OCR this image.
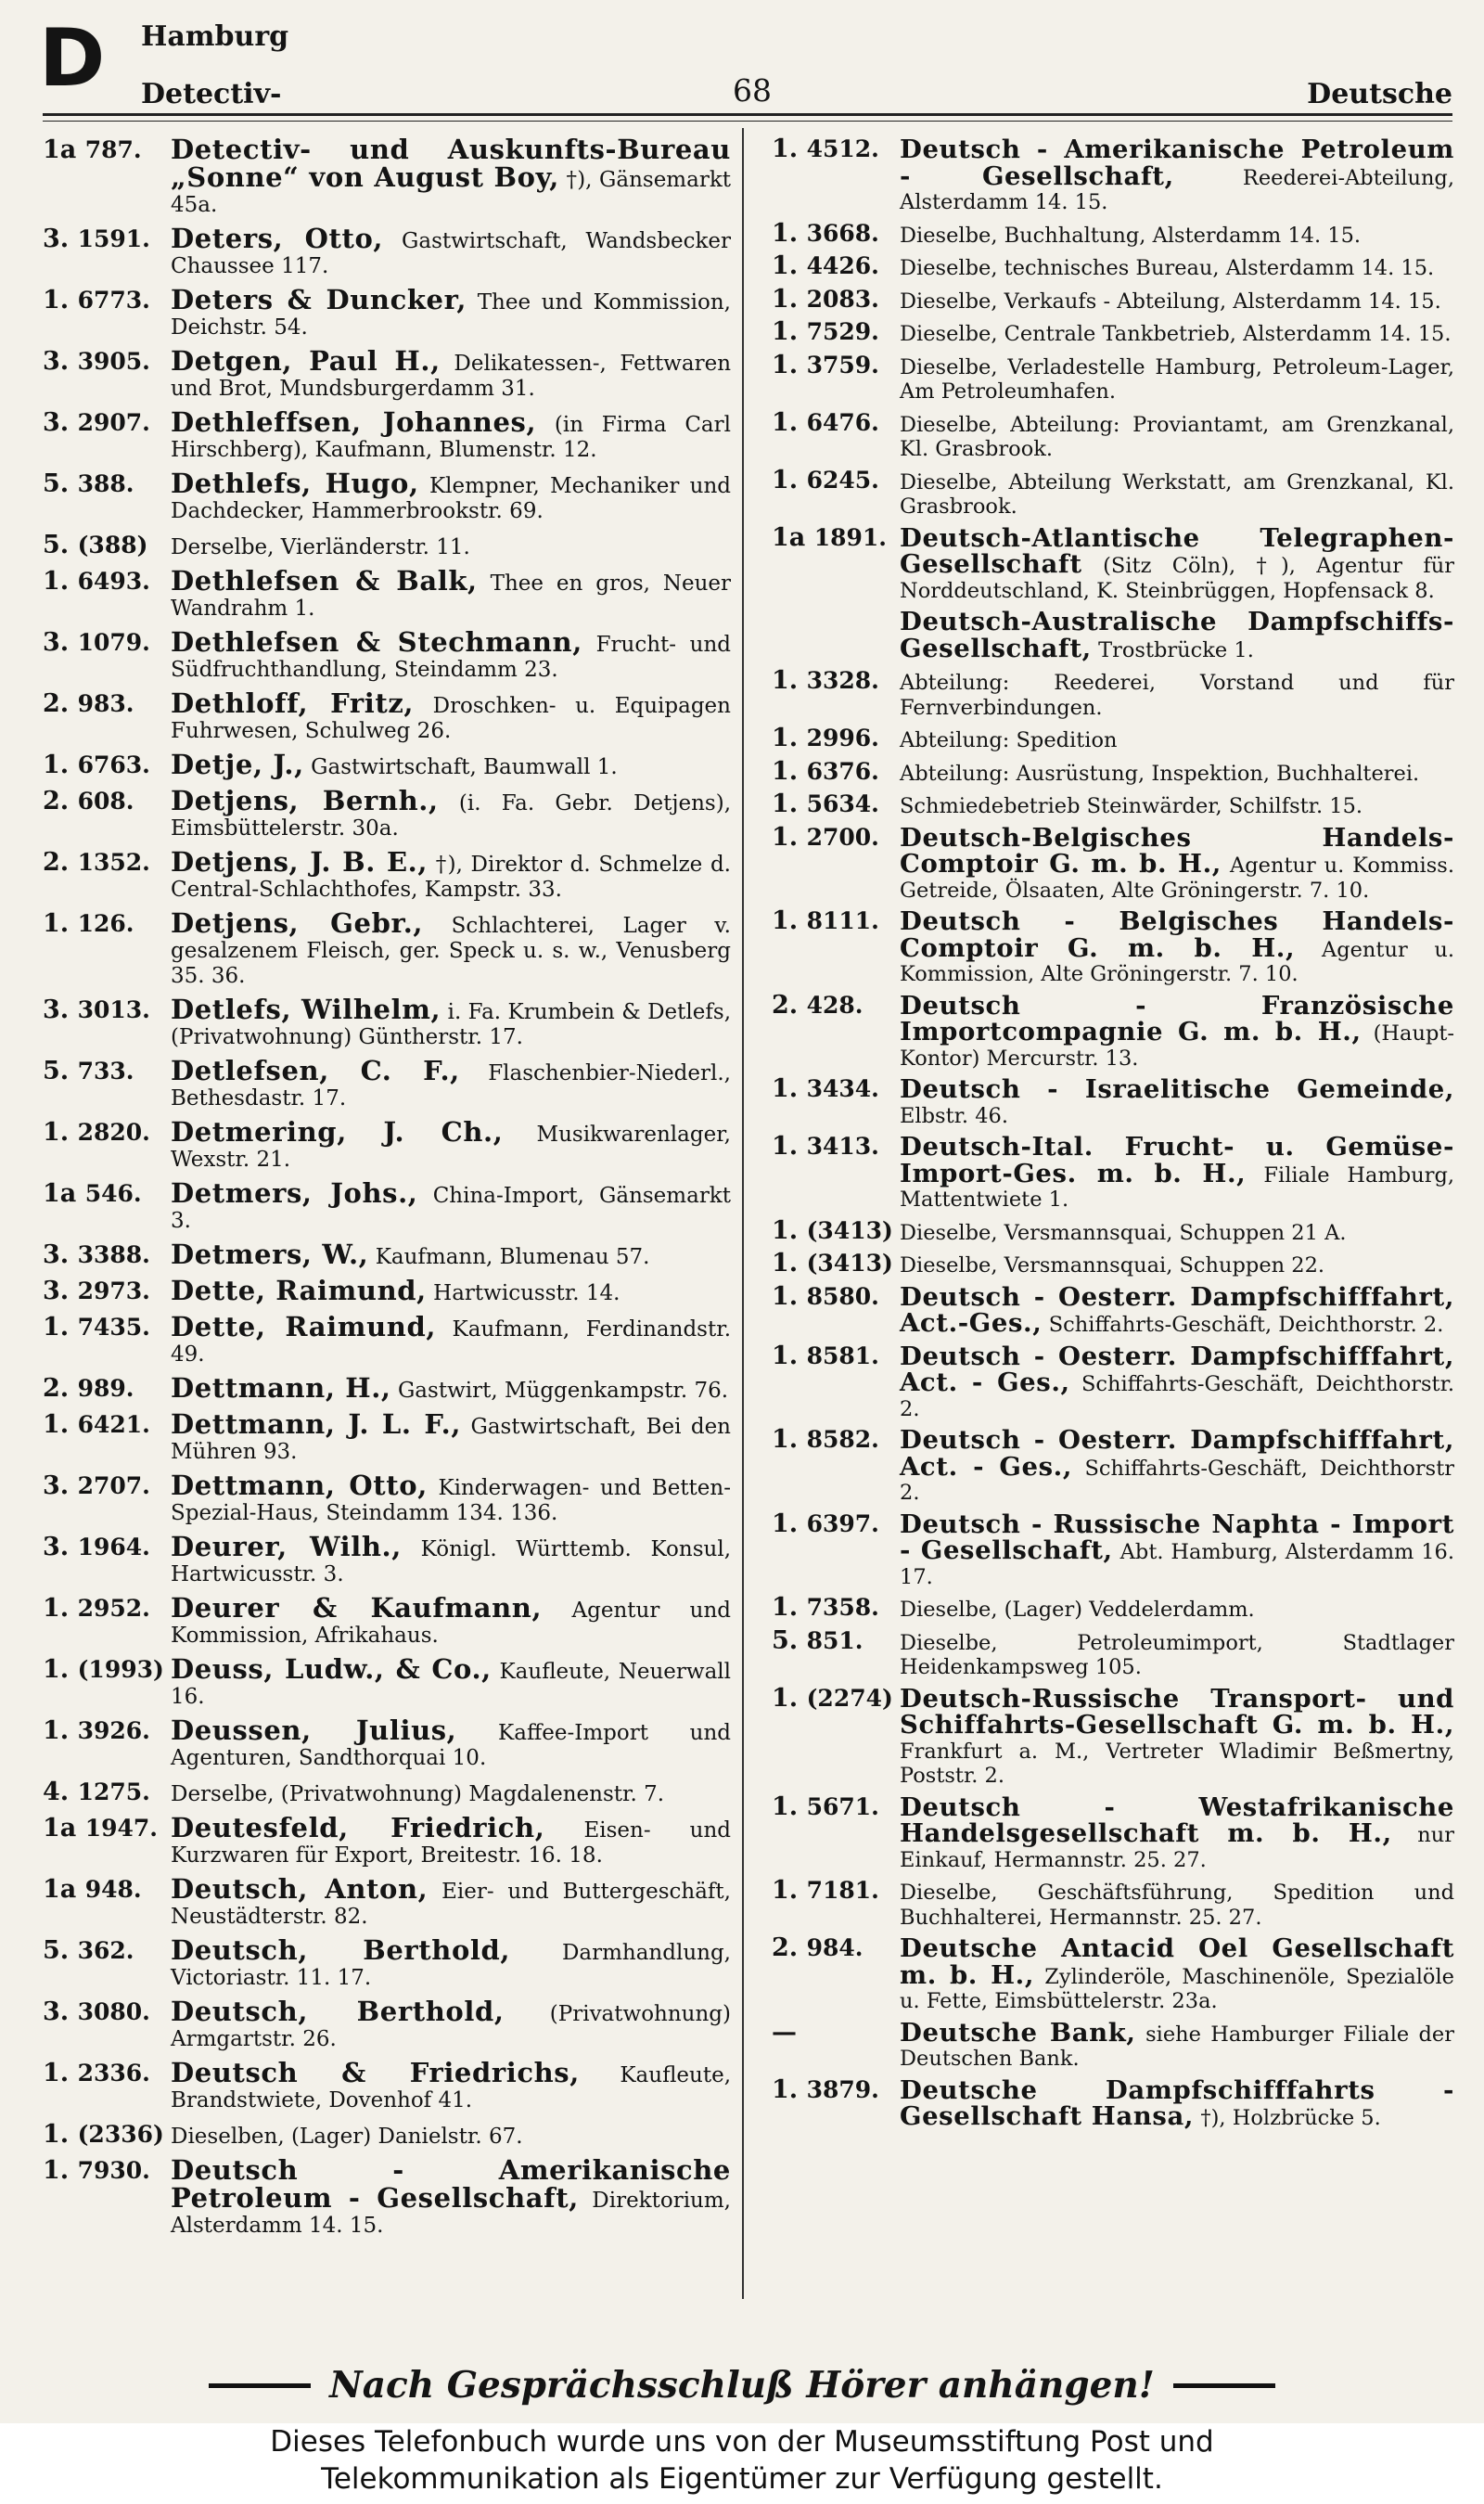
D Hamburg
Detectiv-	68	Deutsche
1a 787.	Detectiv- und Auskunfts-Bureau „Sonne“ von August Boy, †), Gänsemarkt 45a.
3. 1591. Deters, Otto, Gastwirtschaft, Wandsbecker Chaussee 117.
1. 6773. Deters & Duncker, Thee und Kommission, Deichstr. 54.
3. 3905. Detgen, Paul H., Delikatessen-, Fettwaren und Brot, Mundsburgerdamm 31.
3. 2907. Dethleffsen, Johannes, (in Firma Carl Hirschberg), Kaufmann, Blumenstr. 12.
5. 388.	Dethlefs, Hugo, Klempner, Mechaniker und Dachdecker, Hammerbrookstr. 69.
5. (388)	Derselbe, Vierländerstr. 11.
1. 6493. Dethlefsen & Balk, Thee en gros, Neuer Wandrahm 1.
3. 1079. Dethlefsen & Stechmann, Frucht- und Südfruchthandlung, Steindamm 23.
2. 983.	Dethloff, Fritz, Droschken- u. Equipagen Fuhrwesen, Schulweg 26.
1. 6763. Detje, J., Gastwirtschaft, Baumwall 1.
2. 608.	Detjens, Bernh., (i. Fa. Gebr. Detjens), Eimsbüttelerstr. 30a.
2. 1352. Detjens, J. B. E., †), Direktor d. Schmelze d. Central-Schlachthofes, Kampstr. 33.
1. 126.	Detjens, Gebr., Schlachterei, Lager v. gesalzenem Fleisch, ger. Speck u. s. w., Venusberg 35. 36.
3. 3013. Detlefs, Wilhelm, i. Fa. Krumbein & Detlefs, (Privatwohnung) Güntherstr. 17.
5. 733.	Detlefsen, C. F., Flaschenbier-Niederl., Bethesdastr. 17.
1. 2820. Detmering, J. Ch., Musikwarenlager, Wexstr. 21.
1a 546.	Detmers, Johs., China-Import, Gänsemarkt 3.
3. 3388. Detmers, W., Kaufmann, Blumenau 57.
3. 2973. Dette, Raimund, Hartwicusstr. 14.
1. 7435. Dette, Raimund, Kaufmann, Ferdinandstr. 49.
2. 989.	Dettmann, H., Gastwirt, Müggenkampstr. 76.
1. 6421. Dettmann, J. L. F., Gastwirtschaft, Bei den Mühren 93.
3. 2707. Dettmann, Otto, Kinderwagen- und Betten-Spezial-Haus, Steindamm 134. 136.
3. 1964. Deurer, Wilh., Königl. Württemb. Konsul, Hartwicusstr. 3.
1. 2952. Deurer & Kaufmann, Agentur und Kommission, Afrikahaus.
1. (1993) Deuss, Ludw., & Co., Kaufleute, Neuerwall 16.
1. 3926. Deussen, Julius, Kaffee-Import und Agenturen, Sandthorquai 10.
4. 1275. Derselbe, (Privatwohnung) Magdalenenstr. 7.
1a 1947. Deutesfeld, Friedrich, Eisen- und Kurzwaren für Export, Breitestr. 16. 18.
1a 948.	Deutsch, Anton, Eier- und Buttergeschäft, Neustädterstr. 82.
5. 362.	Deutsch, Berthold, Darmhandlung, Victoriastr. 11. 17.
3. 3080. Deutsch, Berthold, (Privatwohnung) Armgartstr. 26.
1. 2336. Deutsch & Friedrichs, Kaufleute, Brandstwiete, Dovenhof 41.
1. (2336) Dieselben, (Lager) Danielstr. 67.
1. 7930. Deutsch - Amerikanische Petroleum - Gesellschaft, Direktorium, Alsterdamm 14. 15.
1. 4512. Deutsch - Amerikanische Petroleum - Gesellschaft,	Reederei-Abteilung, Alsterdamm 14. 15.
1. 3668. Dieselbe, Buchhaltung, Alsterdamm 14. 15.
1. 4426. Dieselbe, technisches Bureau, Alsterdamm 14. 15.
1. 2083. Dieselbe, Verkaufs - Abteilung, Alsterdamm 14. 15.
1. 7529. Dieselbe, Centrale Tankbetrieb, Alsterdamm 14. 15.
1. 3759. Dieselbe, Verladestelle Hamburg, Petroleum-Lager, Am Petroleumhafen.
1. 6476. Dieselbe, Abteilung: Proviantamt, am Grenzkanal, Kl. Grasbrook.
1. 6245. Dieselbe, Abteilung Werkstatt, am Grenzkanal, Kl. Grasbrook.
1a 1891. Deutsch-Atlantische Telegraphen-Gesellschaft (Sitz Cöln), †), Agentur für Norddeutschland, K. Steinbrüggen, Hopfensack 8.
Deutsch-Australische Dampfschiffs-Gesellschaft, Trostbrücke 1.
1. 3328. Abteilung: Reederei, Vorstand und für Fernverbindungen.
1. 2996. Abteilung: Spedition
1. 6376. Abteilung: Ausrüstung, Inspektion, Buchhalterei.
1. 5634. Schmiedebetrieb Steinwärder, Schilfstr. 15.
1. 2700. Deutsch-Belgisches Handels-Comptoir G. m. b. H., Agentur u. Kommiss. Getreide, Ölsaaten, Alte Gröningerstr. 7. 10.
1. 8111. Deutsch - Belgisches Handels-Comptoir G. m. b. H., Agentur u. Kommission, Alte Gröningerstr. 7. 10.
2. 428.	Deutsch - Französische Importcompagnie G. m. b. H., (Haupt-Kontor) Mercurstr. 13.
1. 3434. Deutsch - Israelitische Gemeinde, Elbstr. 46.
1. 3413. Deutsch-Ital. Frucht- u. Gemüse-Import-Ges. m. b. H., Filiale Hamburg, Mattentwiete 1.
1. (3413) Dieselbe, Versmannsquai, Schuppen 21 A.
1. (3413) Dieselbe, Versmannsquai, Schuppen 22.
1. 8580. Deutsch - Oesterr. Dampfschifffahrt, Act.-Ges., Schiffahrts-Geschäft, Deichthorstr. 2.
1. 8581. Deutsch - Oesterr. Dampfschifffahrt, Act. - Ges., Schiffahrts-Geschäft, Deichthorstr. 2.
1. 8582. Deutsch - Oesterr. Dampfschifffahrt, Act. - Ges., Schiffahrts-Geschäft, Deichthorstr 2.
1. 6397. Deutsch - Russische Naphta - Import - Gesellschaft, Abt. Hamburg, Alsterdamm 16. 17.
1. 7358. Dieselbe, (Lager) Veddelerdamm.
5. 851.	Dieselbe, Petroleumimport, Stadtlager Heidenkampsweg 105.
1. (2274) Deutsch-Russische Transport- und Schiffahrts-Gesellschaft G. m. b. H., Frankfurt a. M., Vertreter Wladimir Beßmertny, Poststr. 2.
1. 5671. Deutsch - Westafrikanische Handelsgesellschaft m. b. H., nur Einkauf, Hermannstr. 25. 27.
1. 7181. Dieselbe, Geschäftsführung, Spedition und Buchhalterei, Hermannstr. 25. 27.
2. 984.	Deutsche Antacid Oel Gesellschaft m. b. H., Zylinderöle, Maschinenöle, Spezialöle u. Fette, Eimsbüttelerstr. 23a.
—	Deutsche Bank, siehe Hamburger Filiale der Deutschen Bank.
1. 3879. Deutsche Dampfschifffahrts - Gesellschaft Hansa, †), Holzbrücke 5.
Nach Gesprächsschluß Hörer anhängen!
Dieses Telefonbuch wurde uns von der Museumsstiftung Post und
Telekommunikation als Eigentümer zur Verfügung gestellt.
